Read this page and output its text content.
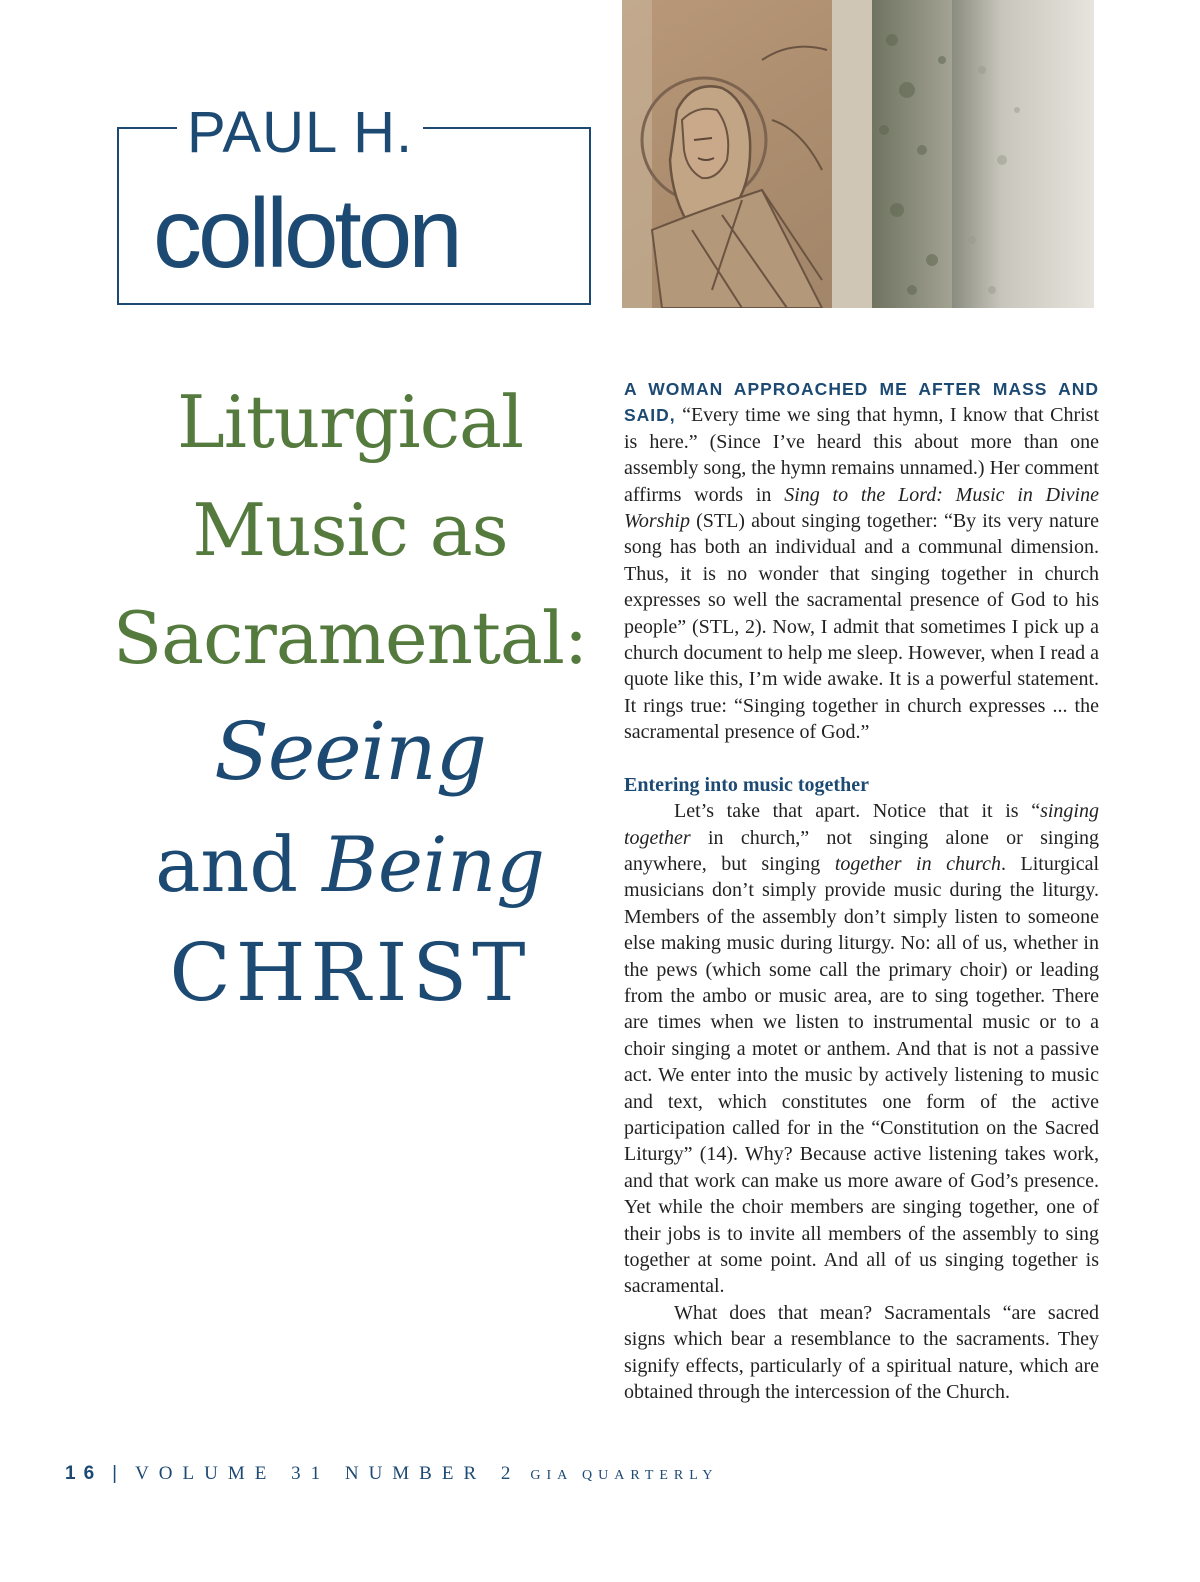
PAUL H.
colloton
Liturgical
Music as
Sacramental:
Seeing
and Being
CHRIST

A WOMAN APPROACHED ME AFTER MASS AND SAID, “Every time we sing that hymn, I know that Christ is here.” (Since I’ve heard this about more than one assembly song, the hymn remains unnamed.) Her comment affirms words in Sing to the Lord: Music in Divine Worship (STL) about singing together: “By its very nature song has both an individual and a communal dimension. Thus, it is no wonder that singing together in church expresses so well the sacramental presence of God to his people” (STL, 2). Now, I admit that sometimes I pick up a church document to help me sleep. However, when I read a quote like this, I’m wide awake. It is a powerful statement. It rings true: “Singing together in church expresses ... the sacramental presence of God.”

Entering into music together

Let’s take that apart. Notice that it is “singing together in church,” not singing alone or singing anywhere, but singing together in church. Liturgical musicians don’t simply provide music during the liturgy. Members of the assembly don’t simply listen to someone else making music during liturgy. No: all of us, whether in the pews (which some call the primary choir) or leading from the ambo or music area, are to sing together. There are times when we listen to instrumental music or to a choir singing a motet or anthem. And that is not a passive act. We enter into the music by actively listening to music and text, which constitutes one form of the active participation called for in the “Constitution on the Sacred Liturgy” (14). Why? Because active listening takes work, and that work can make us more aware of God’s presence. Yet while the choir members are singing together, one of their jobs is to invite all members of the assembly to sing together at some point. And all of us singing together is sacramental.

What does that mean? Sacramentals “are sacred signs which bear a resemblance to the sacraments. They signify effects, particularly of a spiritual nature, which are obtained through the intercession of the Church.

16 | VOLUME 31 NUMBER 2 GIA QUARTERLY
